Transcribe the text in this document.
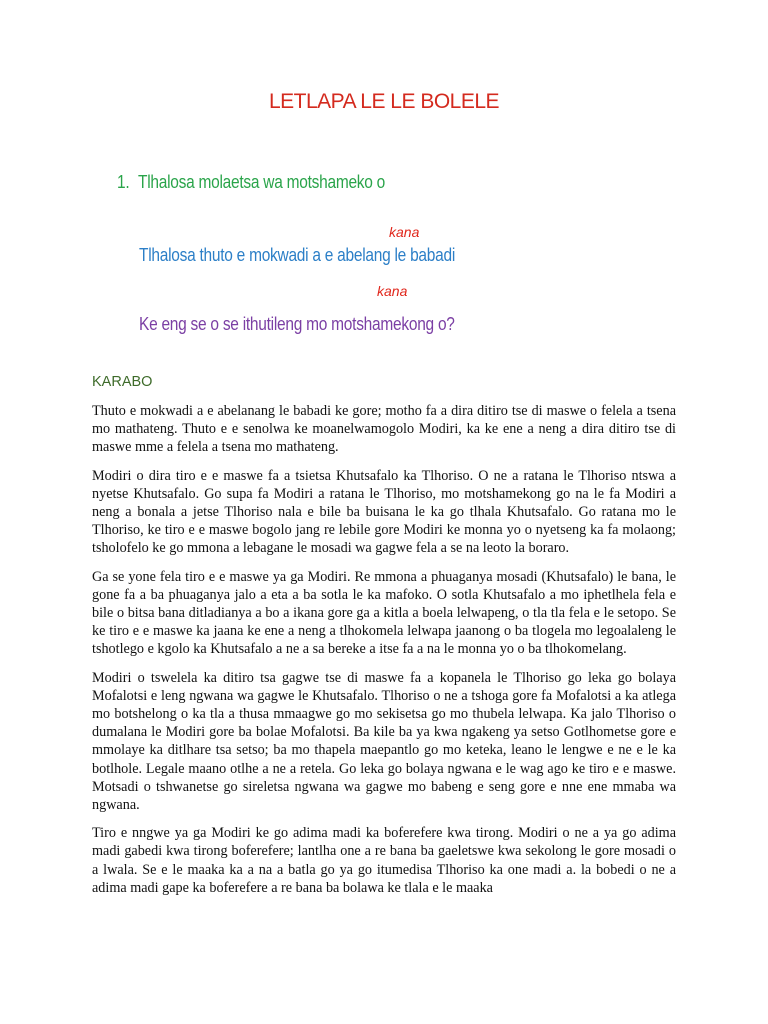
LETLAPA LE LE BOLELE
1. Tlhalosa molaetsa wa motshameko o
kana
Tlhalosa thuto e mokwadi a e abelang le babadi
kana
Ke eng se o se ithutileng mo motshamekong o?
KARABO

Thuto e mokwadi a e abelanang le babadi ke gore; motho fa a dira ditiro tse di maswe o felela a tsena mo mathateng. Thuto e e senolwa ke moanelwamogolo Modiri, ka ke ene a neng a dira ditiro tse di maswe mme a felela a tsena mo mathateng.

Modiri o dira tiro e e maswe fa a tsietsa Khutsafalo ka Tlhoriso. O ne a ratana le Tlhoriso ntswa a nyetse Khutsafalo. Go supa fa Modiri a ratana le Tlhoriso, mo motshamekong go na le fa Modiri a neng a bonala a jetse Tlhoriso nala e bile ba buisana le ka go tlhala Khutsafalo. Go ratana mo le Tlhoriso, ke tiro e e maswe bogolo jang re lebile gore Modiri ke monna yo o nyetseng ka fa molaong; tsholofelo ke go mmona a lebagane le mosadi wa gagwe fela a se na leoto la boraro.

Ga se yone fela tiro e e maswe ya ga Modiri. Re mmona a phuaganya mosadi (Khutsafalo) le bana, le gone fa a ba phuaganya jalo a eta a ba sotla le ka mafoko. O sotla Khutsafalo a mo iphetlhela fela e bile o bitsa bana ditladianya a bo a ikana gore ga a kitla a boela lelwapeng, o tla tla fela e le setopo. Se ke tiro e e maswe ka jaana ke ene a neng a tlhokomela lelwapa jaanong o ba tlogela mo legoalaleng le tshotlego e kgolo ka Khutsafalo a ne a sa bereke a itse fa a na le monna yo o ba tlhokomelang.

Modiri o tswelela ka ditiro tsa gagwe tse di maswe fa a kopanela le Tlhoriso go leka go bolaya Mofalotsi e leng ngwana wa gagwe le Khutsafalo. Tlhoriso o ne a tshoga gore fa Mofalotsi a ka atlega mo botshelong o ka tla a thusa mmaagwe go mo sekisetsa go mo thubela lelwapa. Ka jalo Tlhoriso o dumalana le Modiri gore ba bolae Mofalotsi. Ba kile ba ya kwa ngakeng ya setso Gotlhometse gore e mmolaye ka ditlhare tsa setso; ba mo thapela maepantlo go mo keteka, leano le lengwe e ne e le ka botlhole. Legale maano otlhe a ne a retela. Go leka go bolaya ngwana e le wag ago ke tiro e e maswe. Motsadi o tshwanetse go sireletsa ngwana wa gagwe mo babeng e seng gore e nne ene mmaba wa ngwana.

Tiro e nngwe ya ga Modiri ke go adima madi ka boferefere kwa tirong. Modiri o ne a ya go adima madi gabedi kwa tirong boferefere; lantlha one a re bana ba gaeletswe kwa sekolong le gore mosadi o a lwala. Se e le maaka ka a na a batla go ya go itumedisa Tlhoriso ka one madi a. la bobedi o ne a adima madi gape ka boferefere a re bana ba bolawa ke tlala e le maaka
